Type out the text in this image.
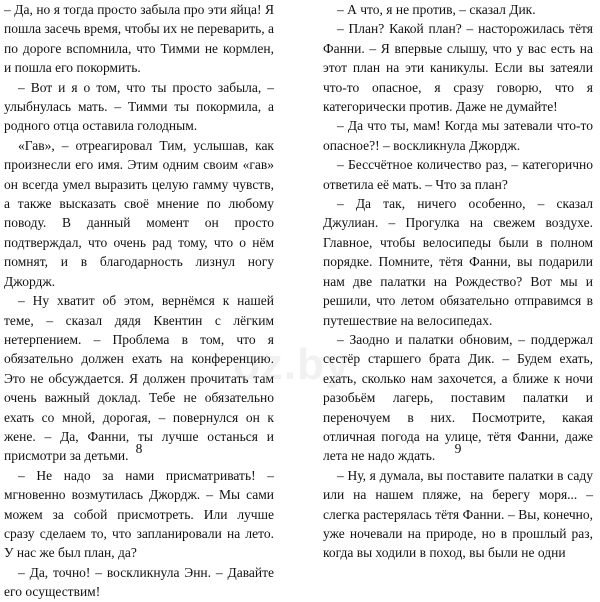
– Да, но я тогда просто забыла про эти яйца! Я пошла засечь время, чтобы их не переварить, а по дороге вспомнила, что Тимми не кормлен, и пошла его покормить.

– Вот и я о том, что ты просто забыла, – улыбнулась мать. – Тимми ты покормила, а родного отца оставила голодным.

«Гав», – отреагировал Тим, услышав, как произнесли его имя. Этим одним своим «гав» он всегда умел выразить целую гамму чувств, а также высказать своё мнение по любому поводу. В данный момент он просто подтверждал, что очень рад тому, что о нём помнят, и в благодарность лизнул ногу Джордж.

– Ну хватит об этом, вернёмся к нашей теме, – сказал дядя Квентин с лёгким нетерпением. – Проблема в том, что я обязательно должен ехать на конференцию. Это не обсуждается. Я должен прочитать там очень важный доклад. Тебе не обязательно ехать со мной, дорогая, – повернулся он к жене. – Да, Фанни, ты лучше останься и присмотри за детьми.

– Не надо за нами присматривать! – мгновенно возмутилась Джордж. – Мы сами можем за собой присмотреть. Или лучше сразу сделаем то, что запланировали на лето. У нас же был план, да?

– Да, точно! – воскликнула Энн. – Давайте его осуществим!

8

– А что, я не против, – сказал Дик.

– План? Какой план? – насторожилась тётя Фанни. – Я впервые слышу, что у вас есть на этот план на эти каникулы. Если вы затеяли что-то опасное, я сразу говорю, что я категорически против. Даже не думайте!

– Да что ты, мам! Когда мы затевали что-то опасное?! – воскликнула Джордж.

– Бессчётное количество раз, – категорично ответила её мать. – Что за план?

– Да так, ничего особенно, – сказал Джулиан. – Прогулка на свежем воздухе. Главное, чтобы велосипеды были в полном порядке. Помните, тётя Фанни, вы подарили нам две палатки на Рождество? Вот мы и решили, что летом обязательно отправимся в путешествие на велосипедах.

– Заодно и палатки обновим, – поддержал сестёр старшего брата Дик. – Будем ехать, ехать, сколько нам захочется, а ближе к ночи разобьём лагерь, поставим палатки и переночуем в них. Посмотрите, какая отличная погода на улице, тётя Фанни, даже лета не надо ждать.

– Ну, я думала, вы поставите палатки в саду или на нашем пляже, на берегу моря... – слегка растерялась тётя Фанни. – Вы, конечно, уже ночевали на природе, но в прошлый раз, когда вы ходили в поход, вы были не одни

9
oz.by
